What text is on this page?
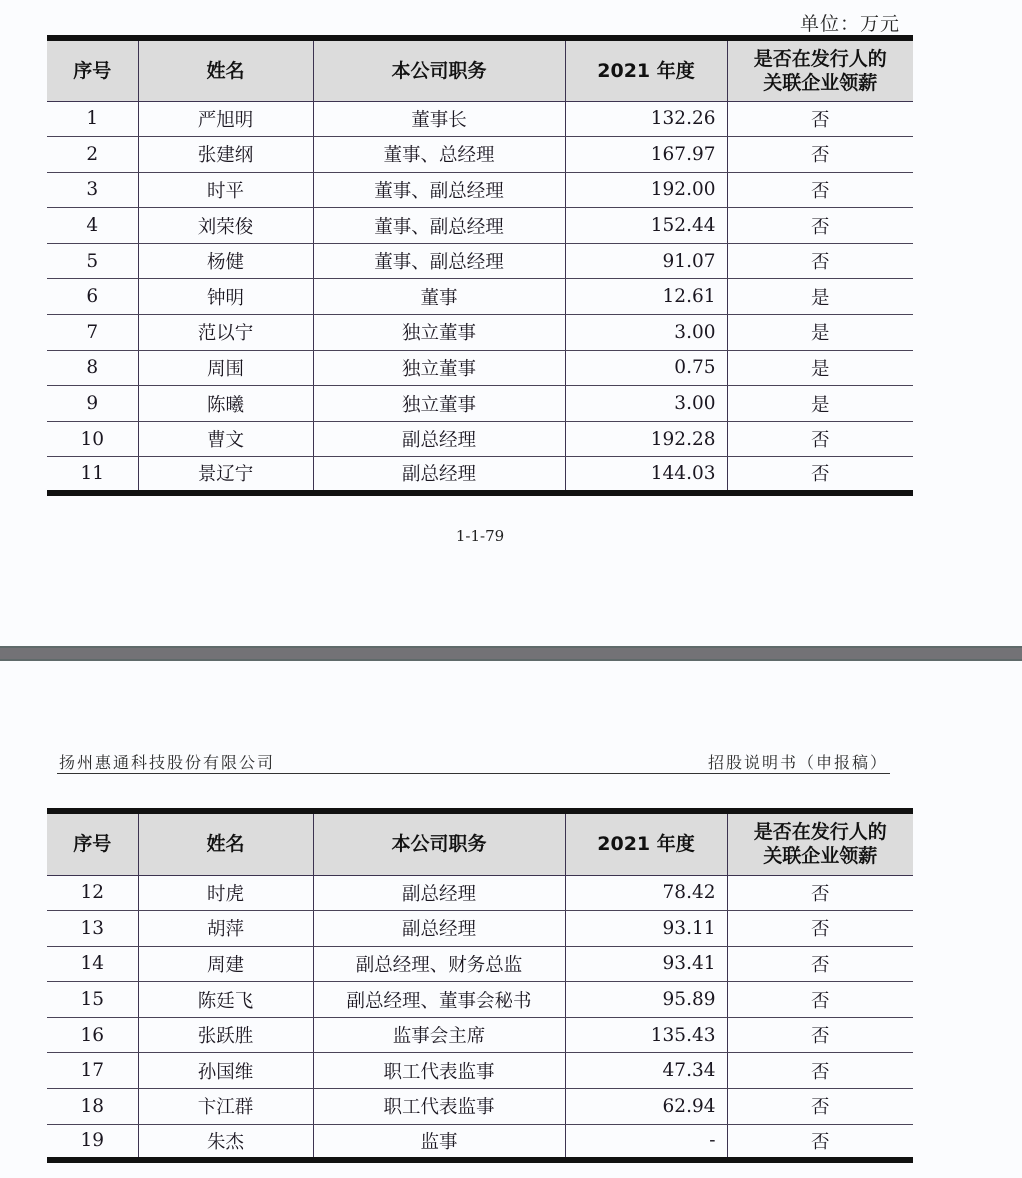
单位：万元
序号	姓名	本公司职务	2021 年度	是否在发行人的
关联企业领薪

1	严旭明	董事长	132.26	否
2	张建纲	董事、总经理	167.97	否
3	时平	董事、副总经理	192.00	否
4	刘荣俊	董事、副总经理	152.44	否
5	杨健	董事、副总经理	91.07	否
6	钟明	董事	12.61	是
7	范以宁	独立董事	3.00	是
8	周围	独立董事	0.75	是
9	陈曦	独立董事	3.00	是
10	曹文	副总经理	192.28	否
11	景辽宁	副总经理	144.03	否
1-1-79
扬州惠通科技股份有限公司	招股说明书（申报稿）
序号	姓名	本公司职务	2021 年度	是否在发行人的
关联企业领薪

12	时虎	副总经理	78.42	否
13	胡萍	副总经理	93.11	否
14	周建	副总经理、财务总监	93.41	否
15	陈廷飞	副总经理、董事会秘书	95.89	否
16	张跃胜	监事会主席	135.43	否
17	孙国维	职工代表监事	47.34	否
18	卞江群	职工代表监事	62.94	否
19	朱杰	监事	-	否
